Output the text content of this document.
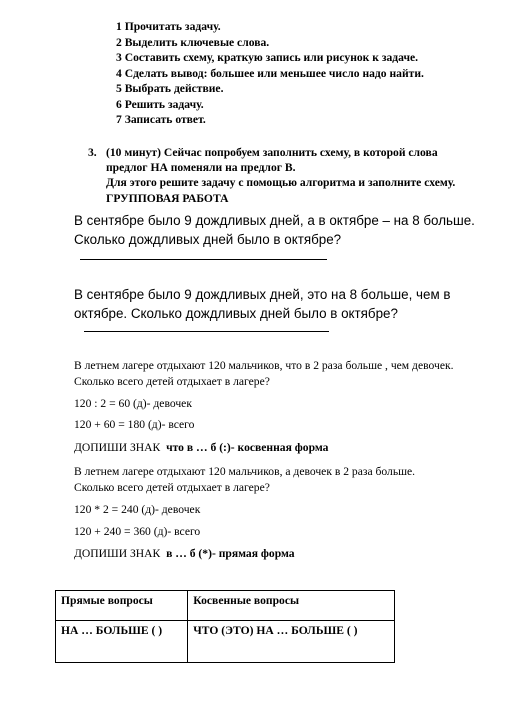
1 Прочитать задачу.
2 Выделить ключевые слова.
3 Составить схему, краткую запись или рисунок к задаче.
4 Сделать вывод: большее или меньшее число надо найти.
5 Выбрать действие.
6 Решить задачу.
7 Записать ответ.
3. (10 минут) Сейчас попробуем заполнить схему, в которой слова
предлог НА поменяли на предлог В.
Для этого решите задачу с помощью алгоритма и заполните схему.
ГРУППОВАЯ РАБОТА
В сентябре было 9 дождливых дней, а в октябре – на 8 больше.
Сколько дождливых дней было в октябре?
В сентябре было 9 дождливых дней, это на 8 больше, чем в
октябре. Сколько дождливых дней было в октябре?
В летнем лагере отдыхают 120 мальчиков, что в 2 раза больше , чем девочек.
Сколько всего детей отдыхает в лагере?
120 : 2 = 60 (д)- девочек
120 + 60 = 180 (д)- всего
ДОПИШИ ЗНАК что в … б (:)- косвенная форма
В летнем лагере отдыхают 120 мальчиков, а девочек в 2 раза больше.
Сколько всего детей отдыхает в лагере?
120 * 2 = 240 (д)- девочек
120 + 240 = 360 (д)- всего
ДОПИШИ ЗНАК в … б (*)- прямая форма
Прямые вопросы	Косвенные вопросы
НА … БОЛЬШЕ ( )	ЧТО (ЭТО) НА … БОЛЬШЕ ( )
